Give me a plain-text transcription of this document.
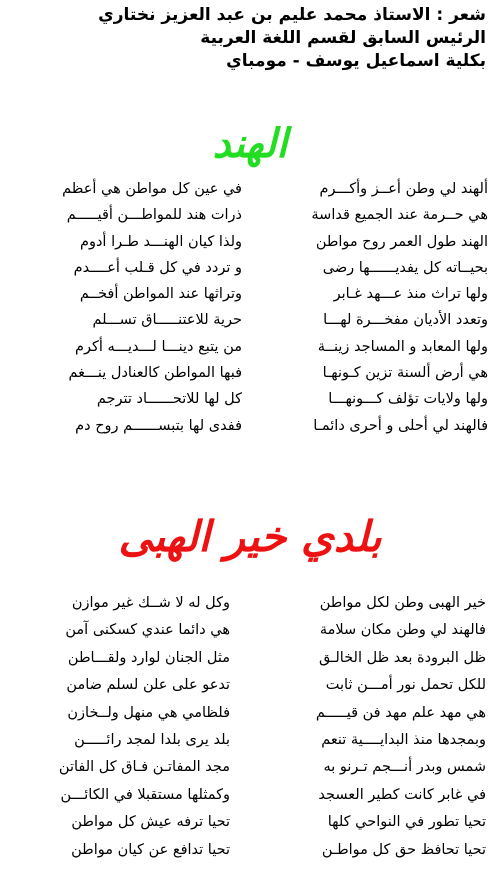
شعر : الاستاذ محمد عليم بن عبد العزيز نختاري
الرئيس السابق لقسم اللغة العربية
بكلية اسماعيل يوسف - مومباي
الهند
ألهند لي وطن أعــز وأكـــرم
هي حــرمة عند الجميع قداسة
الهند طول العمر روح مواطن
بحيــاته كل يفديــــــها رضى
ولها تراث منذ عـــهد غـابر
وتعدد الأديان مفخـــرة لهـــا
ولها المعابد و المساجد زينــة
هي أرض ألسنة تزين كـونهـا
ولها ولايات تؤلف كـــونهـــا
فالهند لي أحلى و أحرى دائمـا
في عين كل مواطن هي أعظم
ذرات هند للمواطـــن أقيـــــم
ولذا كيان الهنـــد طـرا أدوم
و تردد في كل قـلب أعــــدم
وتراثها عند المواطن أفخــم
حرية للاعتنـــــاق تســـلم
من يتبع دينـــا لـــديـــه أكرم
فبها المواطن كالعنادل ينـــغم
كل لها للاتحــــــاد تترجم
ففدى لها بتبســــــم روح دم
بلدي خير الهبى
خير الهبى وطن لكل مواطن
فالهند لي وطن مكان سلامة
ظل البرودة بعد ظل الخالـق
للكل تحمل نور أمـــن ثابت
هي مهد علم مهد فن قيـــــم
وبمجدها منذ البدايــــية تنعم
شمس وبدر أنـــجم تـرنو به
في غابر كانت كطير العسجد
تحيا تطور في النواحي كلها
تحيا تحافظ حق كل مواطـن
وكل له لا شــك غير موازن
هي دائما عندي كسكنى آمن
مثل الجنان لوارد ولقـــاطن
تدعو على علن لسلم ضامن
فلظامي هي منهل ولــخازن
بلد يرى بلدا لمجد رائـــــن
مجد المفاتـن فـاق كل الفاتن
وكمثلها مستقبلا في الكائـــن
تحيا ترفه عيش كل مواطن
تحيا تدافع عن كيان مواطن
